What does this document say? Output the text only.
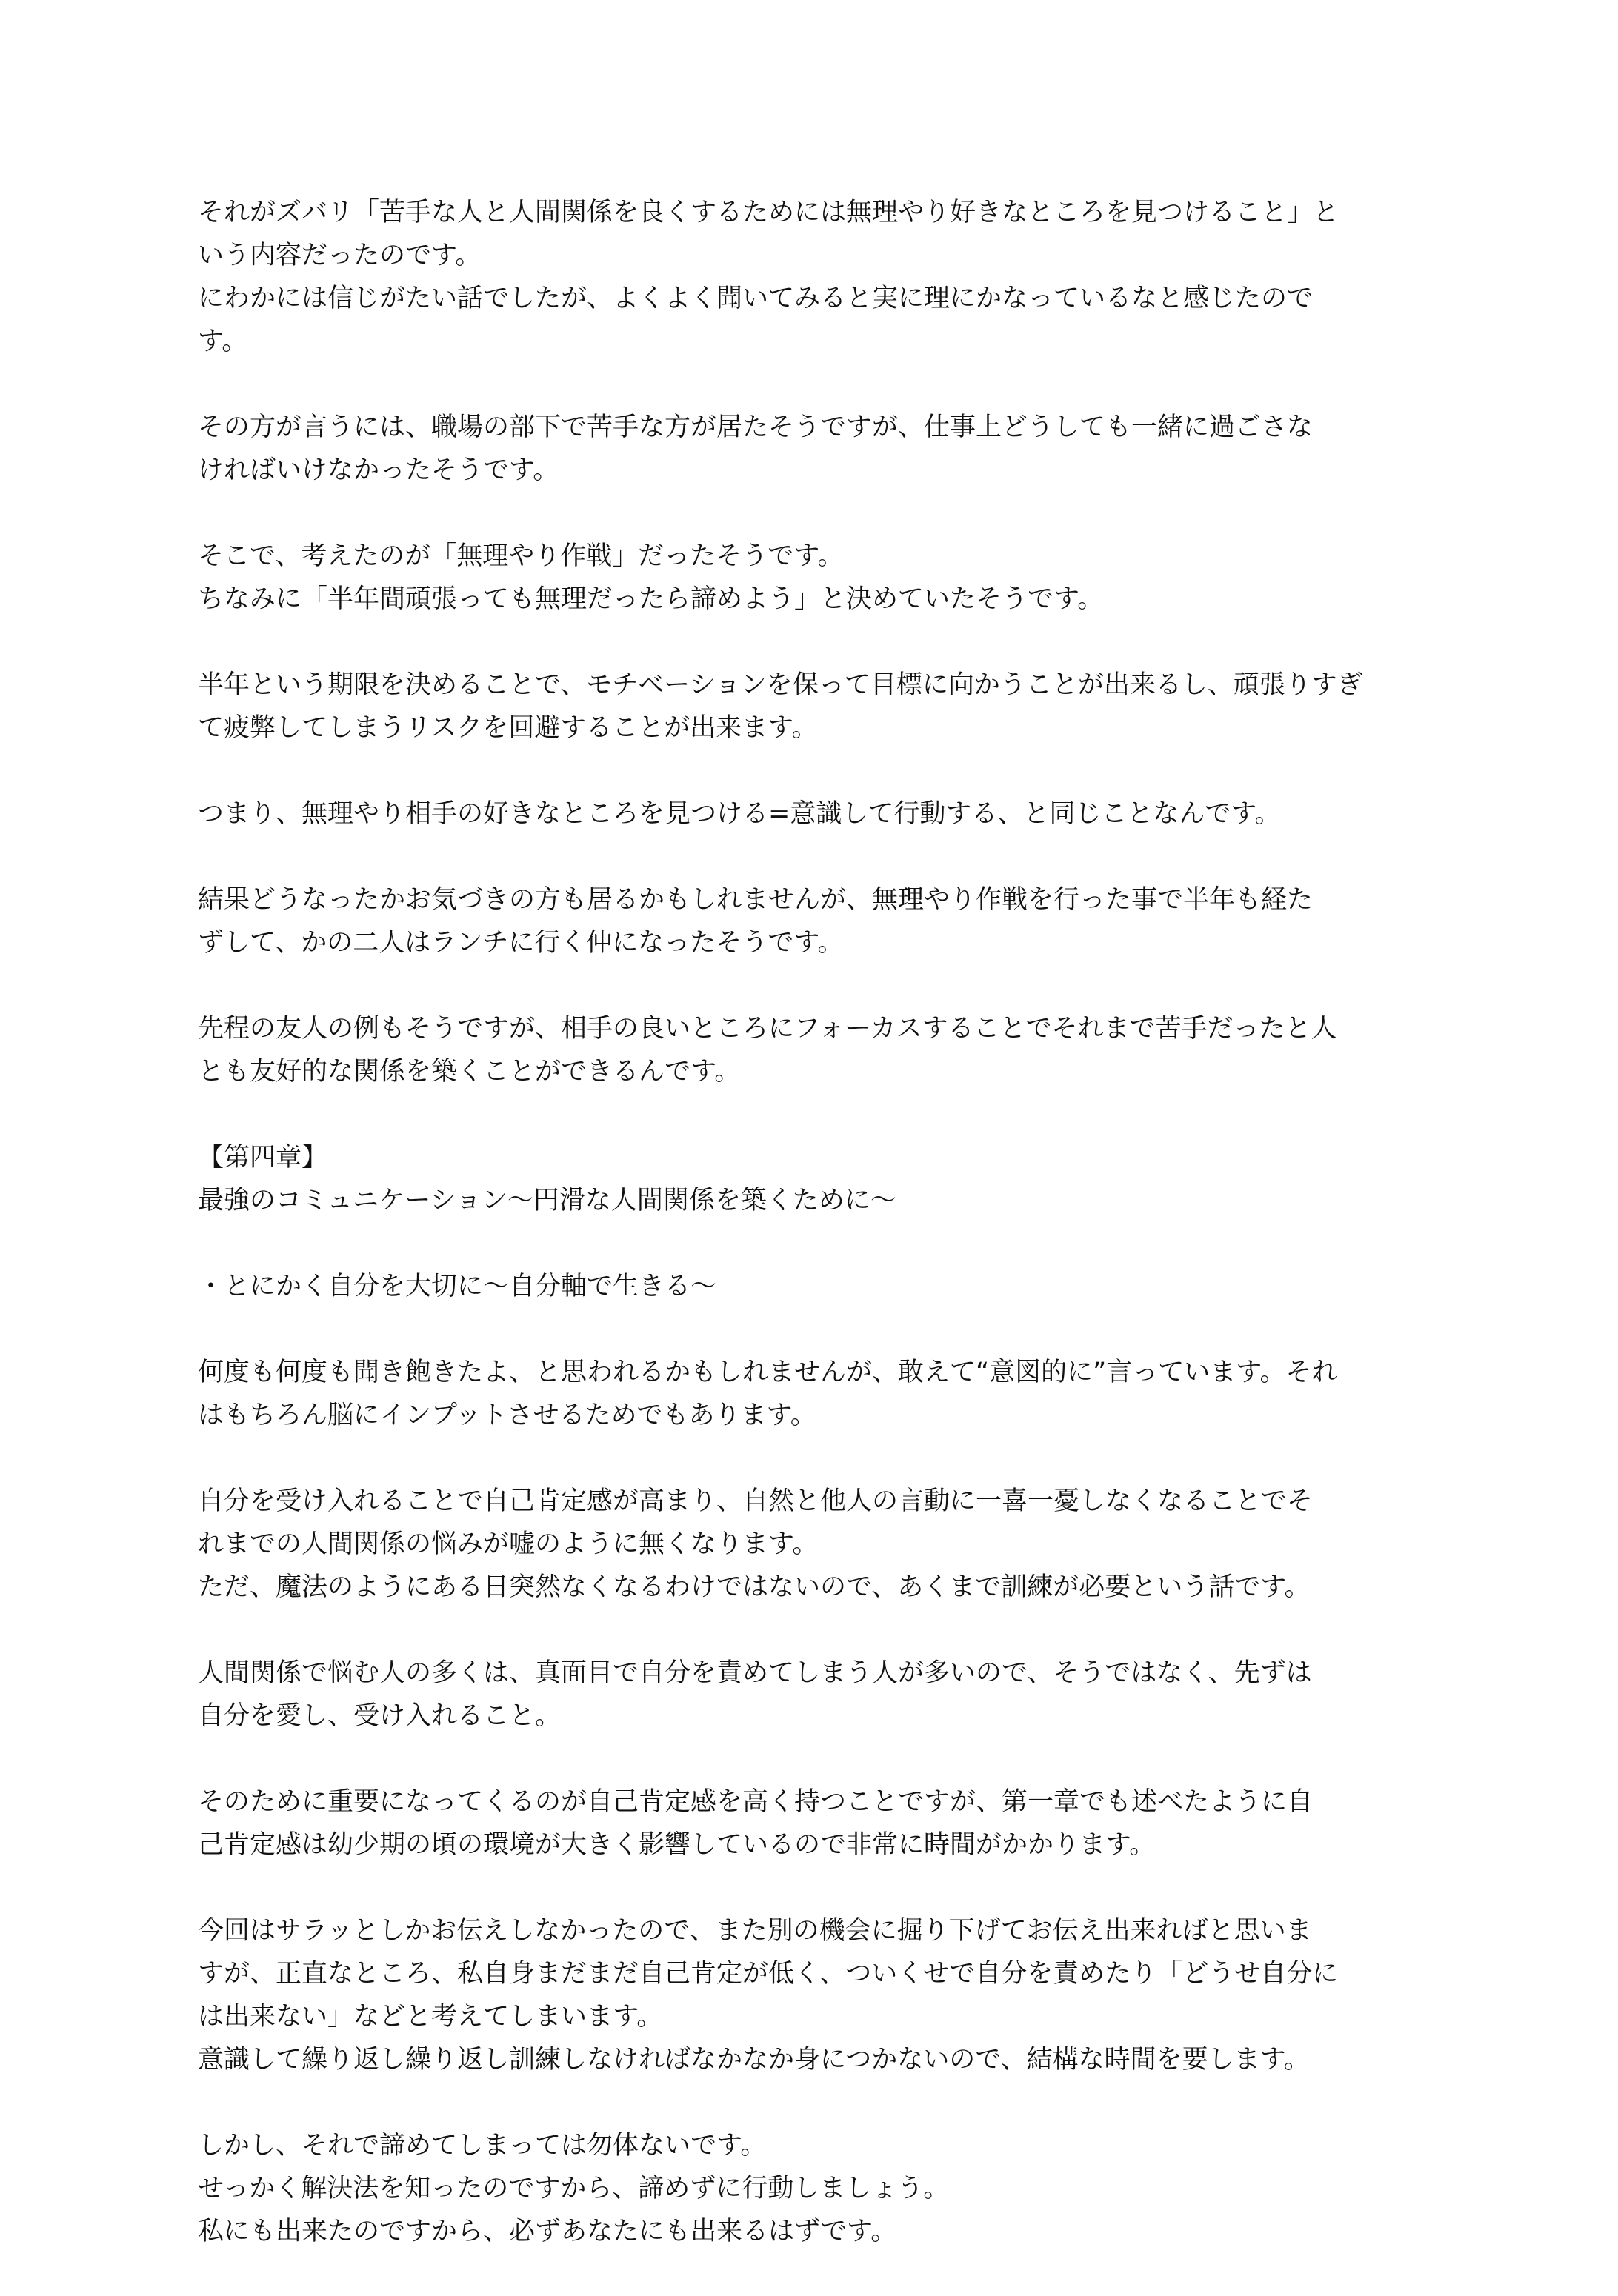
それがズバリ「苦手な人と人間関係を良くするためには無理やり好きなところを見つけること」と
いう内容だったのです。
にわかには信じがたい話でしたが、よくよく聞いてみると実に理にかなっているなと感じたので
す。
その方が言うには、職場の部下で苦手な方が居たそうですが、仕事上どうしても一緒に過ごさな
ければいけなかったそうです。
そこで、考えたのが「無理やり作戦」だったそうです。
ちなみに「半年間頑張っても無理だったら諦めよう」と決めていたそうです。
半年という期限を決めることで、モチベーションを保って目標に向かうことが出来るし、頑張りすぎ
て疲弊してしまうリスクを回避することが出来ます。
つまり、無理やり相手の好きなところを見つける=意識して行動する、と同じことなんです。
結果どうなったかお気づきの方も居るかもしれませんが、無理やり作戦を行った事で半年も経た
ずして、かの二人はランチに行く仲になったそうです。
先程の友人の例もそうですが、相手の良いところにフォーカスすることでそれまで苦手だったと人
とも友好的な関係を築くことができるんです。
【第四章】
最強のコミュニケーション〜円滑な人間関係を築くために〜
・とにかく自分を大切に〜自分軸で生きる〜
何度も何度も聞き飽きたよ、と思われるかもしれませんが、敢えて“意図的に”言っています。それ
はもちろん脳にインプットさせるためでもあります。
自分を受け入れることで自己肯定感が高まり、自然と他人の言動に一喜一憂しなくなることでそ
れまでの人間関係の悩みが嘘のように無くなります。
ただ、魔法のようにある日突然なくなるわけではないので、あくまで訓練が必要という話です。
人間関係で悩む人の多くは、真面目で自分を責めてしまう人が多いので、そうではなく、先ずは
自分を愛し、受け入れること。
そのために重要になってくるのが自己肯定感を高く持つことですが、第一章でも述べたように自
己肯定感は幼少期の頃の環境が大きく影響しているので非常に時間がかかります。
今回はサラッとしかお伝えしなかったので、また別の機会に掘り下げてお伝え出来ればと思いま
すが、正直なところ、私自身まだまだ自己肯定が低く、ついくせで自分を責めたり「どうせ自分に
は出来ない」などと考えてしまいます。
意識して繰り返し繰り返し訓練しなければなかなか身につかないので、結構な時間を要します。
しかし、それで諦めてしまっては勿体ないです。
せっかく解決法を知ったのですから、諦めずに行動しましょう。
私にも出来たのですから、必ずあなたにも出来るはずです。
